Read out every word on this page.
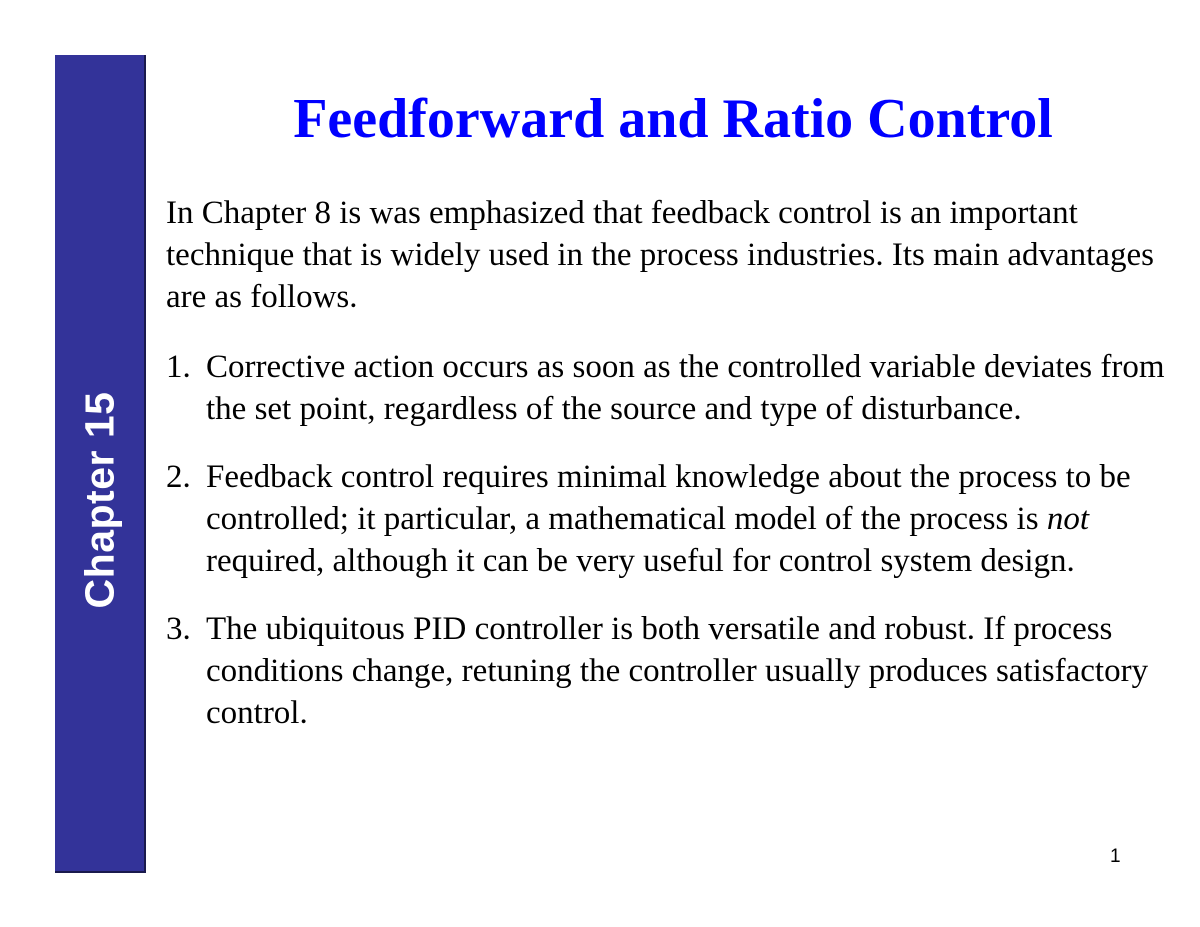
Chapter 15
Feedforward and Ratio Control

In Chapter 8 is was emphasized that feedback control is an important technique that is widely used in the process industries. Its main advantages are as follows.

1. Corrective action occurs as soon as the controlled variable deviates from the set point, regardless of the source and type of disturbance.
2. Feedback control requires minimal knowledge about the process to be controlled; it particular, a mathematical model of the process is not required, although it can be very useful for control system design.
3. The ubiquitous PID controller is both versatile and robust. If process conditions change, retuning the controller usually produces satisfactory control.
1
